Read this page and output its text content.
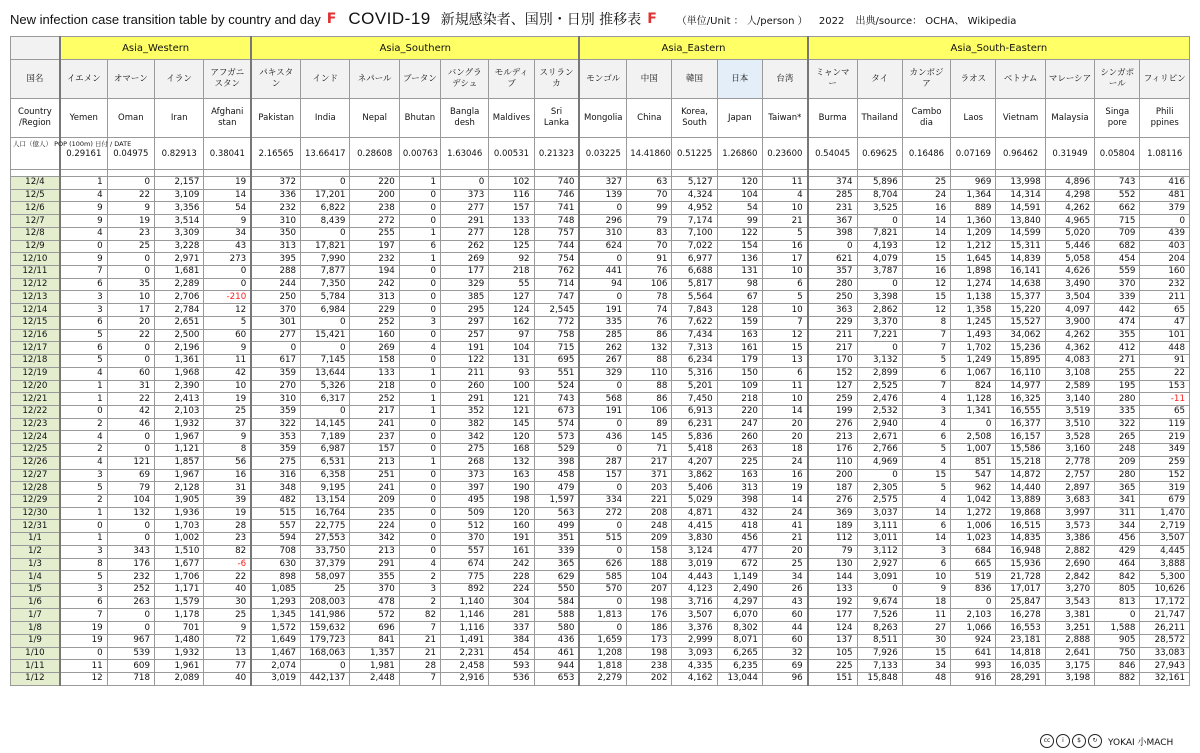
New infection case transition table by country and day F COVID-19 新規感染者、国別・日別 推移表 F （単位/Unit ： 人/person ） 2022 出典/source： OCHA、 Wikipedia
	Asia_Western				Asia_Southern							Asia_Eastern					Asia_South-Eastern							
国名	イエメン	オマーン	イラン	アフガニスタン	パキスタン	インド	ネパール	ブータン	バングラデシュ	モルディブ	スリランカ	モンゴル	中国	韓国	日本	台湾	ミャンマー	タイ	カンボジア	ラオス	ベトナム	マレーシア	シンガポール	フィリピン
Country /Region	Yemen	Oman	Iran	Afghani stan	Pakistan	India	Nepal	Bhutan	Bangla desh	Maldives	Sri Lanka	Mongolia	China	Korea, South	Japan	Taiwan*	Burma	Thailand	Cambo dia	Laos	Vietnam	Malaysia	Singa pore	Phili ppines
人口（億人） POP (100m) 日付 / DATE	0.29161	0.04975	0.82913	0.38041	2.16565	13.66417	0.28608	0.00763	1.63046	0.00531	0.21323	0.03225	14.41860	0.51225	1.26860	0.23600	0.54045	0.69625	0.16486	0.07169	0.96462	0.31949	0.05804	1.08116

12/4	1	0	2,157	19	372	0	220	1	0	102	740	327	63	5,127	120	11	374	5,896	25	969	13,998	4,896	743	416
12/5	4	22	3,109	14	336	17,201	200	0	373	116	746	139	70	4,324	104	4	285	8,704	24	1,364	14,314	4,298	552	481
12/6	9	9	3,356	54	232	6,822	238	0	277	157	741	0	99	4,952	54	10	231	3,525	16	889	14,591	4,262	662	379
12/7	9	19	3,514	9	310	8,439	272	0	291	133	748	296	79	7,174	99	21	367	0	14	1,360	13,840	4,965	715	0
12/8	4	23	3,309	34	350	0	255	1	277	128	757	310	83	7,100	122	5	398	7,821	14	1,209	14,599	5,020	709	439
12/9	0	25	3,228	43	313	17,821	197	6	262	125	744	624	70	7,022	154	16	0	4,193	12	1,212	15,311	5,446	682	403
12/10	9	0	2,971	273	395	7,990	232	1	269	92	754	0	91	6,977	136	17	621	4,079	15	1,645	14,839	5,058	454	204
12/11	7	0	1,681	0	288	7,877	194	0	177	218	762	441	76	6,688	131	10	357	3,787	16	1,898	16,141	4,626	559	160
12/12	6	35	2,289	0	244	7,350	242	0	329	55	714	94	106	5,817	98	6	280	0	12	1,274	14,638	3,490	370	232
12/13	3	10	2,706	-210	250	5,784	313	0	385	127	747	0	78	5,564	67	5	250	3,398	15	1,138	15,377	3,504	339	211
12/14	3	17	2,784	12	370	6,984	229	0	295	124	2,545	191	74	7,843	128	10	363	2,862	12	1,358	15,220	4,097	442	65
12/15	6	20	2,651	5	301	0	252	3	297	162	772	335	76	7,622	159	7	229	3,370	8	1,245	15,527	3,900	474	47
12/16	5	22	2,500	60	277	15,421	160	0	257	97	758	285	86	7,434	163	12	211	7,221	7	1,493	34,062	4,262	355	101
12/17	6	0	2,196	9	0	0	269	4	191	104	715	262	132	7,313	161	15	217	0	7	1,702	15,236	4,362	412	448
12/18	5	0	1,361	11	617	7,145	158	0	122	131	695	267	88	6,234	179	13	170	3,132	5	1,249	15,895	4,083	271	91
12/19	4	60	1,968	42	359	13,644	133	1	211	93	551	329	110	5,316	150	6	152	2,899	6	1,067	16,110	3,108	255	22
12/20	1	31	2,390	10	270	5,326	218	0	260	100	524	0	88	5,201	109	11	127	2,525	7	824	14,977	2,589	195	153
12/21	1	22	2,413	19	310	6,317	252	1	291	121	743	568	86	7,450	218	10	259	2,476	4	1,128	16,325	3,140	280	-11
12/22	0	42	2,103	25	359	0	217	1	352	121	673	191	106	6,913	220	14	199	2,532	3	1,341	16,555	3,519	335	65
12/23	2	46	1,932	37	322	14,145	241	0	382	145	574	0	89	6,231	247	20	276	2,940	4	0	16,377	3,510	322	119
12/24	4	0	1,967	9	353	7,189	237	0	342	120	573	436	145	5,836	260	20	213	2,671	6	2,508	16,157	3,528	265	219
12/25	2	0	1,121	8	359	6,987	157	0	275	168	529	0	71	5,418	263	18	176	2,766	5	1,007	15,586	3,160	248	349
12/26	4	121	1,857	56	275	6,531	213	1	268	132	398	287	217	4,207	225	24	110	4,969	4	851	15,218	2,778	209	259
12/27	3	69	1,967	16	316	6,358	251	0	373	163	458	157	371	3,862	163	16	200	0	15	547	14,872	2,757	280	152
12/28	5	79	2,128	31	348	9,195	241	0	397	190	479	0	203	5,406	313	19	187	2,305	5	962	14,440	2,897	365	319
12/29	2	104	1,905	39	482	13,154	209	0	495	198	1,597	334	221	5,029	398	14	276	2,575	4	1,042	13,889	3,683	341	679
12/30	1	132	1,936	19	515	16,764	235	0	509	120	563	272	208	4,871	432	24	369	3,037	14	1,272	19,868	3,997	311	1,470
12/31	0	0	1,703	28	557	22,775	224	0	512	160	499	0	248	4,415	418	41	189	3,111	6	1,006	16,515	3,573	344	2,719
1/1	1	0	1,002	23	594	27,553	342	0	370	191	351	515	209	3,830	456	21	112	3,011	14	1,023	14,835	3,386	456	3,507
1/2	3	343	1,510	82	708	33,750	213	0	557	161	339	0	158	3,124	477	20	79	3,112	3	684	16,948	2,882	429	4,445
1/3	8	176	1,677	-6	630	37,379	291	4	674	242	365	626	188	3,019	672	25	130	2,927	6	665	15,936	2,690	464	3,888
1/4	5	232	1,706	22	898	58,097	355	2	775	228	629	585	104	4,443	1,149	34	144	3,091	10	519	21,728	2,842	842	5,300
1/5	3	252	1,171	40	1,085	25	370	3	892	224	550	570	207	4,123	2,490	26	133	0	9	836	17,017	3,270	805	10,626
1/6	6	263	1,579	30	1,293	208,003	478	2	1,140	304	584	0	198	3,716	4,297	43	192	9,674	18	0	25,847	3,543	813	17,172
1/7	7	0	1,178	25	1,345	141,986	572	82	1,146	281	588	1,813	176	3,507	6,070	60	177	7,526	11	2,103	16,278	3,381	0	21,747
1/8	19	0	701	9	1,572	159,632	696	7	1,116	337	580	0	186	3,376	8,302	44	124	8,263	27	1,066	16,553	3,251	1,588	26,211
1/9	19	967	1,480	72	1,649	179,723	841	21	1,491	384	436	1,659	173	2,999	8,071	60	137	8,511	30	924	23,181	2,888	905	28,572
1/10	0	539	1,932	13	1,467	168,063	1,357	21	2,231	454	461	1,208	198	3,093	6,265	32	105	7,926	15	641	14,818	2,641	750	33,083
1/11	11	609	1,961	77	2,074	0	1,981	28	2,458	593	944	1,818	238	4,335	6,235	69	225	7,133	34	993	16,035	3,175	846	27,943
1/12	12	718	2,089	40	3,019	442,137	2,448	7	2,916	536	653	2,279	202	4,162	13,044	96	151	15,848	48	916	28,291	3,198	882	32,161
cc	i	$	↻	YOKAI 小MACH
